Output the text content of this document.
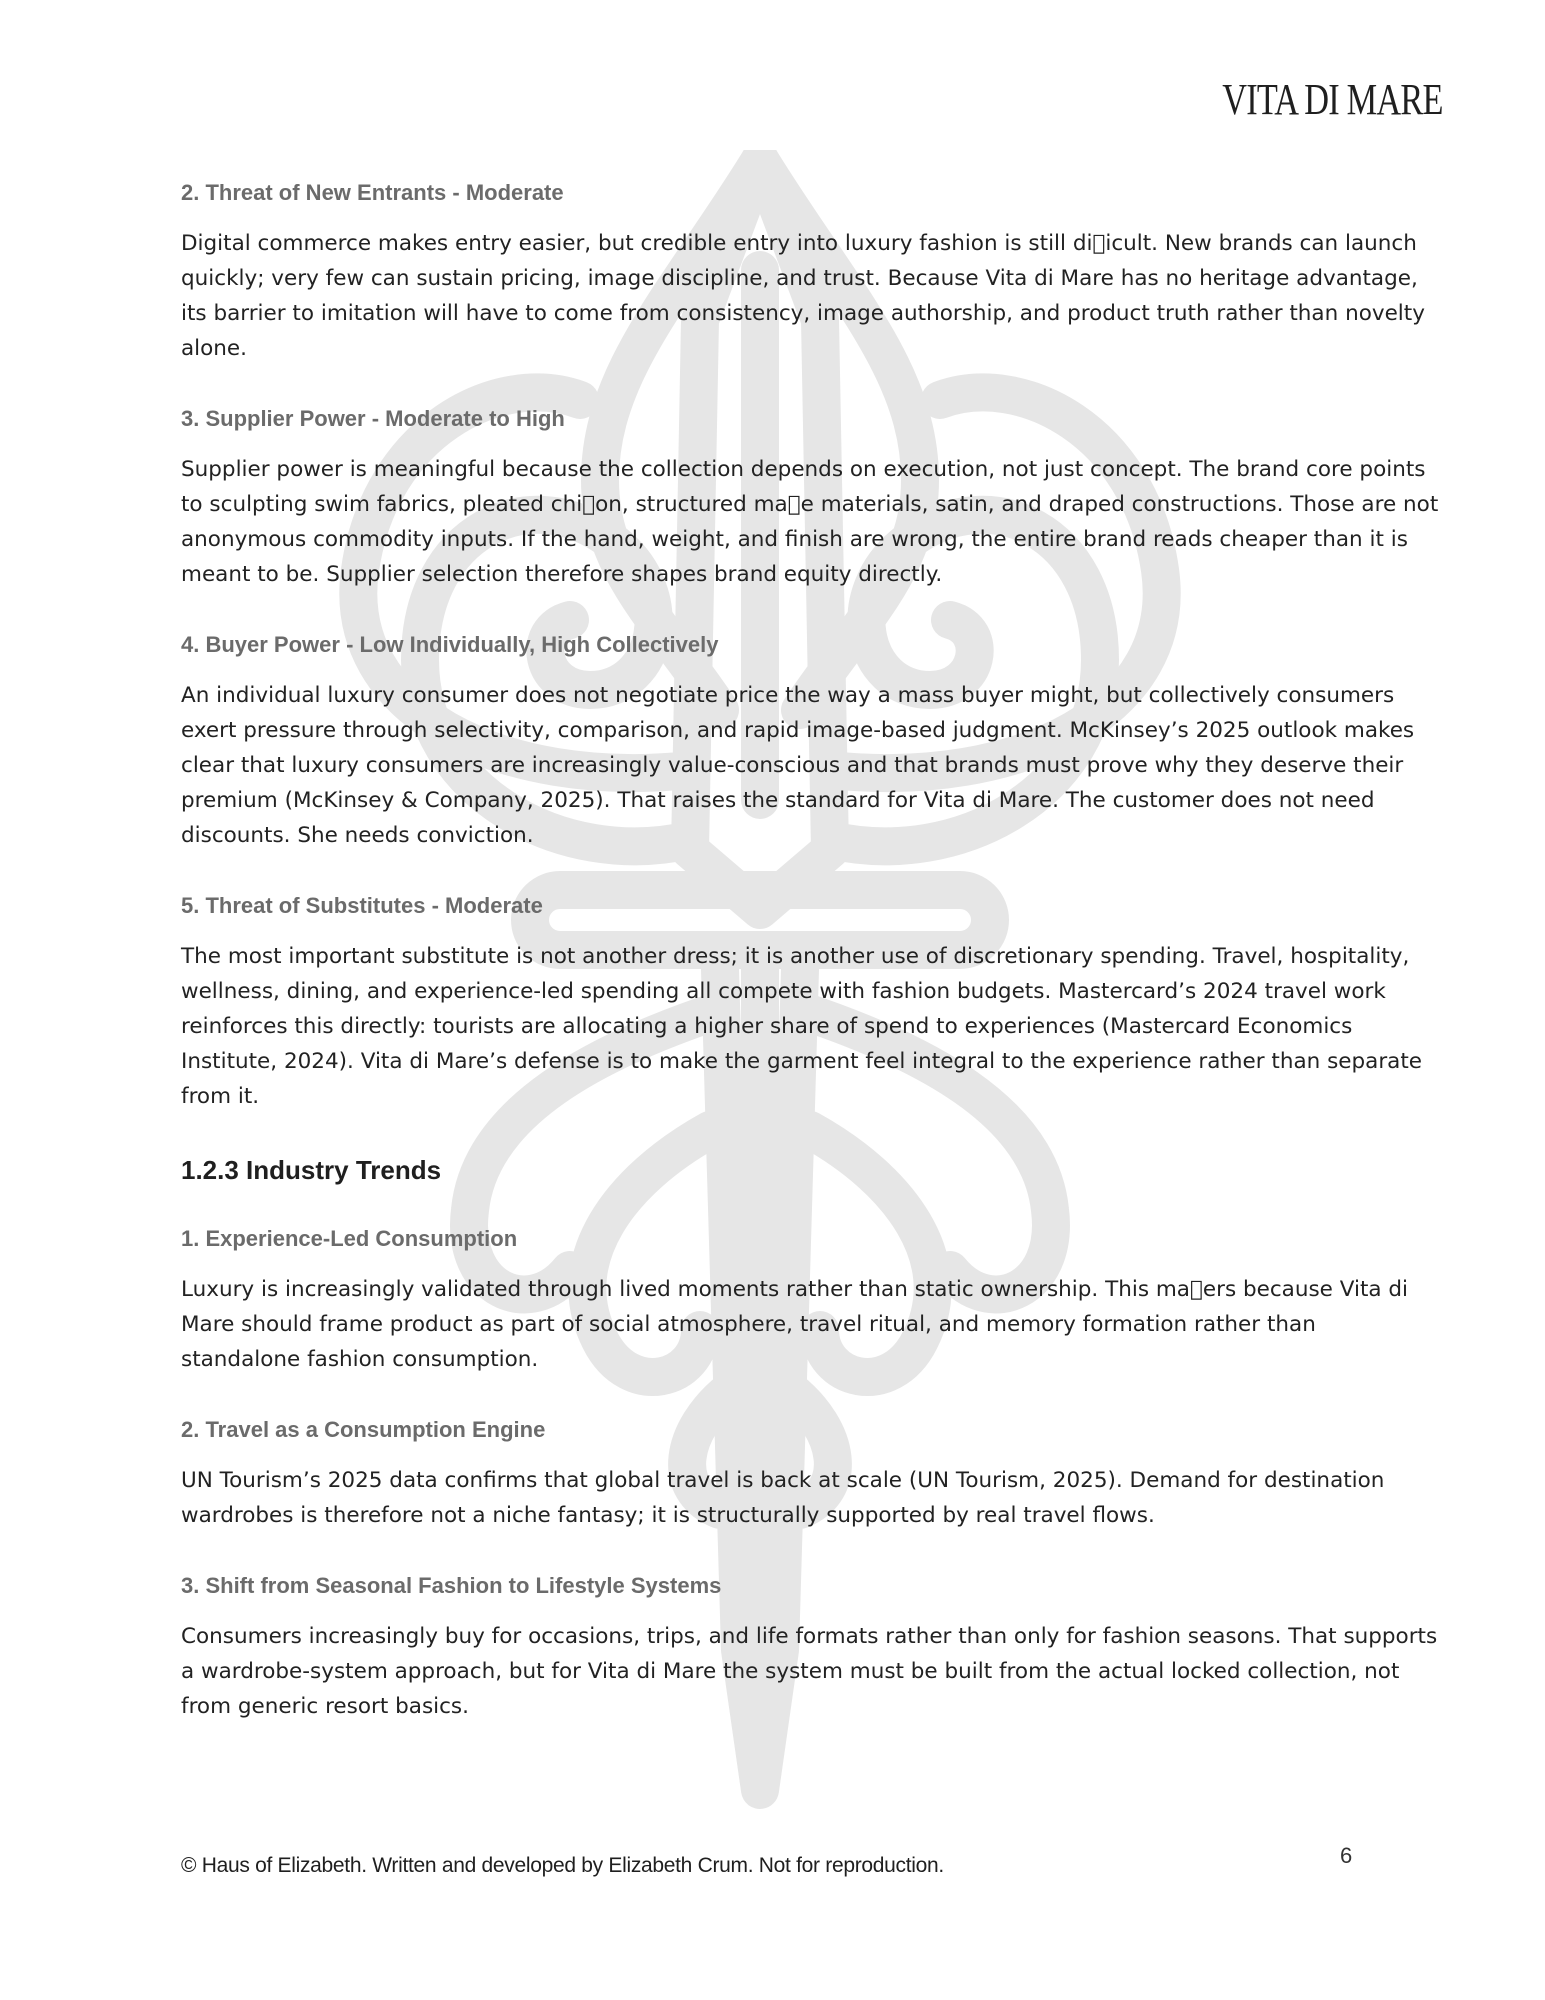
VITA DI MARE
2. Threat of New Entrants - Moderate

Digital commerce makes entry easier, but credible entry into luxury fashion is still di icult. New brands can launch quickly; very few can sustain pricing, image discipline, and trust. Because Vita di Mare has no heritage advantage, its barrier to imitation will have to come from consistency, image authorship, and product truth rather than novelty alone.

3. Supplier Power - Moderate to High

Supplier power is meaningful because the collection depends on execution, not just concept. The brand core points to sculpting swim fabrics, pleated chi on, structured ma e materials, satin, and draped constructions. Those are not anonymous commodity inputs. If the hand, weight, and finish are wrong, the entire brand reads cheaper than it is meant to be. Supplier selection therefore shapes brand equity directly.

4. Buyer Power - Low Individually, High Collectively

An individual luxury consumer does not negotiate price the way a mass buyer might, but collectively consumers exert pressure through selectivity, comparison, and rapid image-based judgment. McKinsey’s 2025 outlook makes clear that luxury consumers are increasingly value-conscious and that brands must prove why they deserve their premium (McKinsey & Company, 2025). That raises the standard for Vita di Mare. The customer does not need discounts. She needs conviction.

5. Threat of Substitutes - Moderate

The most important substitute is not another dress; it is another use of discretionary spending. Travel, hospitality, wellness, dining, and experience-led spending all compete with fashion budgets. Mastercard’s 2024 travel work reinforces this directly: tourists are allocating a higher share of spend to experiences (Mastercard Economics Institute, 2024). Vita di Mare’s defense is to make the garment feel integral to the experience rather than separate from it.

1.2.3 Industry Trends
1. Experience-Led Consumption

Luxury is increasingly validated through lived moments rather than static ownership. This ma ers because Vita di Mare should frame product as part of social atmosphere, travel ritual, and memory formation rather than standalone fashion consumption.

2. Travel as a Consumption Engine

UN Tourism’s 2025 data confirms that global travel is back at scale (UN Tourism, 2025). Demand for destination wardrobes is therefore not a niche fantasy; it is structurally supported by real travel flows.

3. Shift from Seasonal Fashion to Lifestyle Systems

Consumers increasingly buy for occasions, trips, and life formats rather than only for fashion seasons. That supports a wardrobe-system approach, but for Vita di Mare the system must be built from the actual locked collection, not from generic resort basics.

© Haus of Elizabeth. Written and developed by Elizabeth Crum. Not for reproduction.	6
